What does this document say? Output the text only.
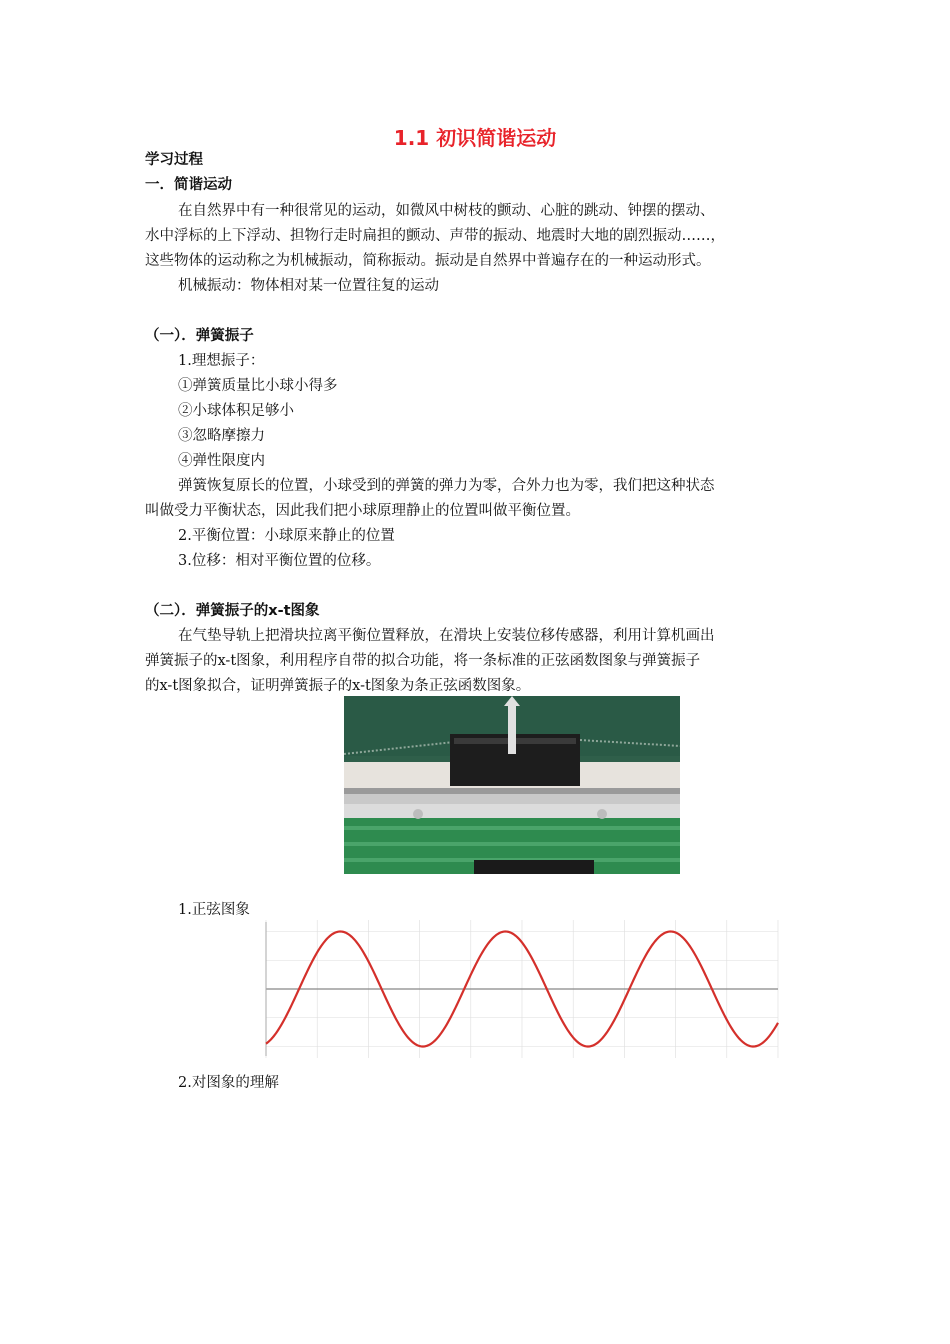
1.1 初识简谐运动
学习过程
一．简谐运动
在自然界中有一种很常见的运动，如微风中树枝的颤动、心脏的跳动、钟摆的摆动、
水中浮标的上下浮动、担物行走时扁担的颤动、声带的振动、地震时大地的剧烈振动……，
这些物体的运动称之为机械振动，简称振动。振动是自然界中普遍存在的一种运动形式。
机械振动：物体相对某一位置往复的运动
（一）．弹簧振子
1.理想振子：
①弹簧质量比小球小得多
②小球体积足够小
③忽略摩擦力
④弹性限度内
弹簧恢复原长的位置，小球受到的弹簧的弹力为零，合外力也为零，我们把这种状态
叫做受力平衡状态，因此我们把小球原理静止的位置叫做平衡位置。
2.平衡位置：小球原来静止的位置
3.位移：相对平衡位置的位移。
（二）．弹簧振子的x-t图象
在气垫导轨上把滑块拉离平衡位置释放，在滑块上安装位移传感器，利用计算机画出
弹簧振子的x-t图象，利用程序自带的拟合功能，将一条标准的正弦函数图象与弹簧振子
的x-t图象拟合，证明弹簧振子的x-t图象为条正弦函数图象。
1.正弦图象
2.对图象的理解
